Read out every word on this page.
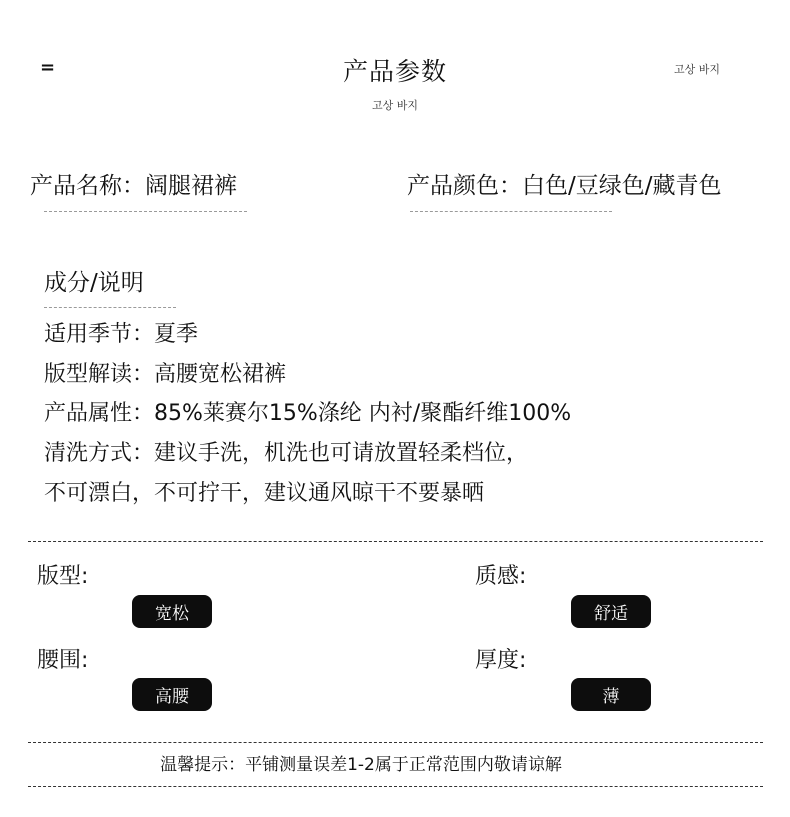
=	产品参数
고상 바지
고상 바지
产品名称：阔腿裙裤	产品颜色：白色/豆绿色/藏青色
成分/说明
适用季节：夏季
版型解读：高腰宽松裙裤
产品属性：85%莱赛尔15%涤纶 内衬/聚酯纤维100%
清洗方式：建议手洗，机洗也可请放置轻柔档位，
不可漂白，不可拧干，建议通风晾干不要暴晒
版型:
宽松
质感:
舒适
腰围:
高腰
厚度:
薄
温馨提示：平铺测量误差1-2属于正常范围内敬请谅解
